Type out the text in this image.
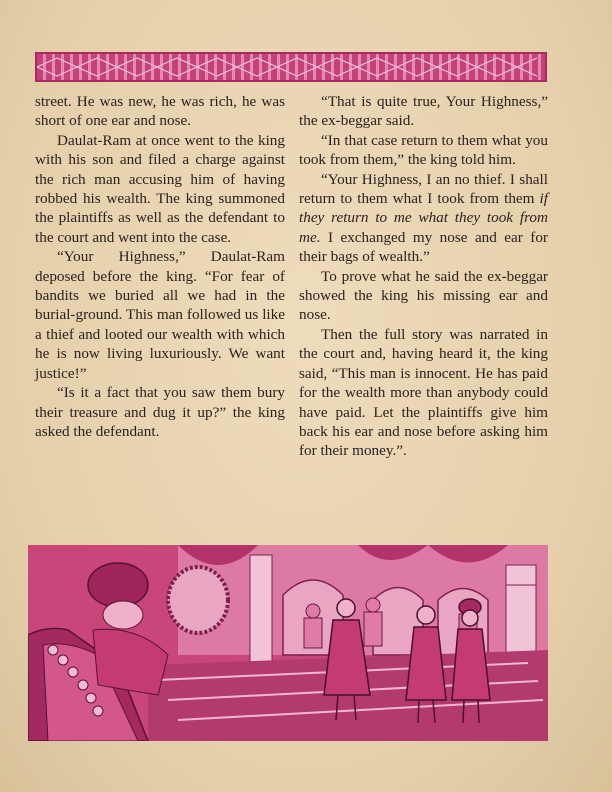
street. He was new, he was rich, he was short of one ear and nose.

Daulat-Ram at once went to the king with his son and filed a charge against the rich man accusing him of having robbed his wealth. The king summoned the plaintiffs as well as the defendant to the court and went into the case.

“Your Highness,” Daulat-Ram deposed before the king. “For fear of bandits we buried all we had in the burial-ground. This man followed us like a thief and looted our wealth with which he is now living luxuriously. We want justice!”

“Is it a fact that you saw them bury their treasure and dug it up?” the king asked the defendant.

“That is quite true, Your Highness,” the ex-beggar said.

“In that case return to them what you took from them,” the king told him.

“Your Highness, I an no thief. I shall return to them what I took from them if they return to me what they took from me. I exchanged my nose and ear for their bags of wealth.”

To prove what he said the ex-beggar showed the king his missing ear and nose.

Then the full story was narrated in the court and, having heard it, the king said, “This man is innocent. He has paid for the wealth more than anybody could have paid. Let the plaintiffs give him back his ear and nose before asking him for their money.”.
